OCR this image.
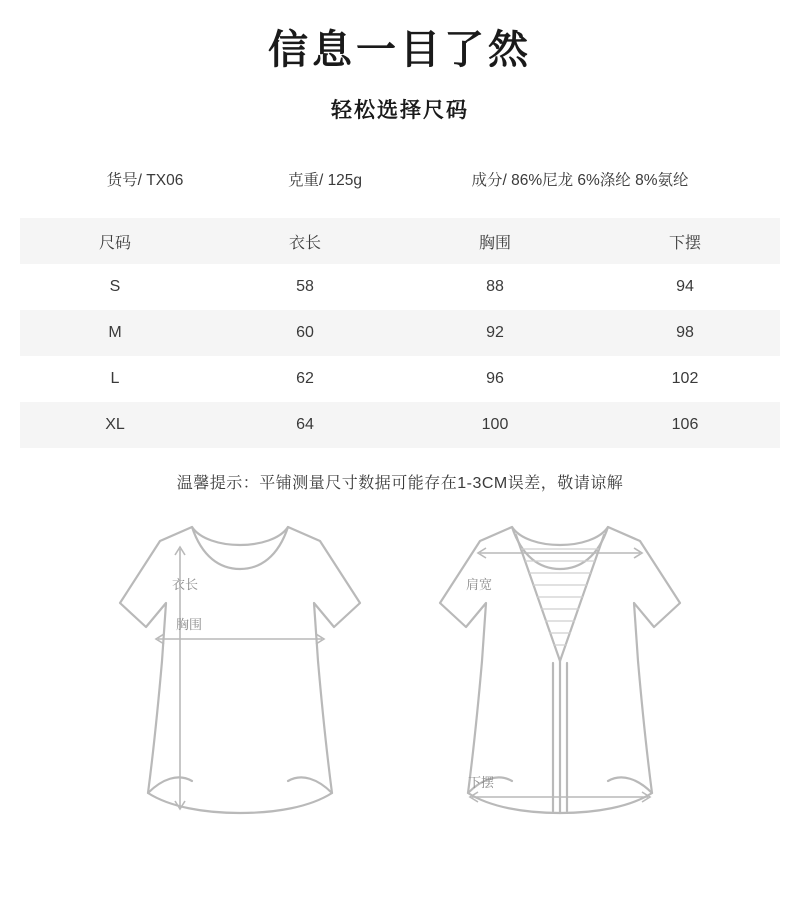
信息一目了然
轻松选择尺码
货号/ TX06	克重/ 125g	成分/ 86%尼龙 6%涤纶 8%氨纶
尺码	衣长	胸围	下摆
S	58	88	94
M	60	92	98
L	62	96	102
XL	64	100	106
温馨提示：平铺测量尺寸数据可能存在1-3CM误差，敬请谅解
衣长
胸围
肩宽
下摆
